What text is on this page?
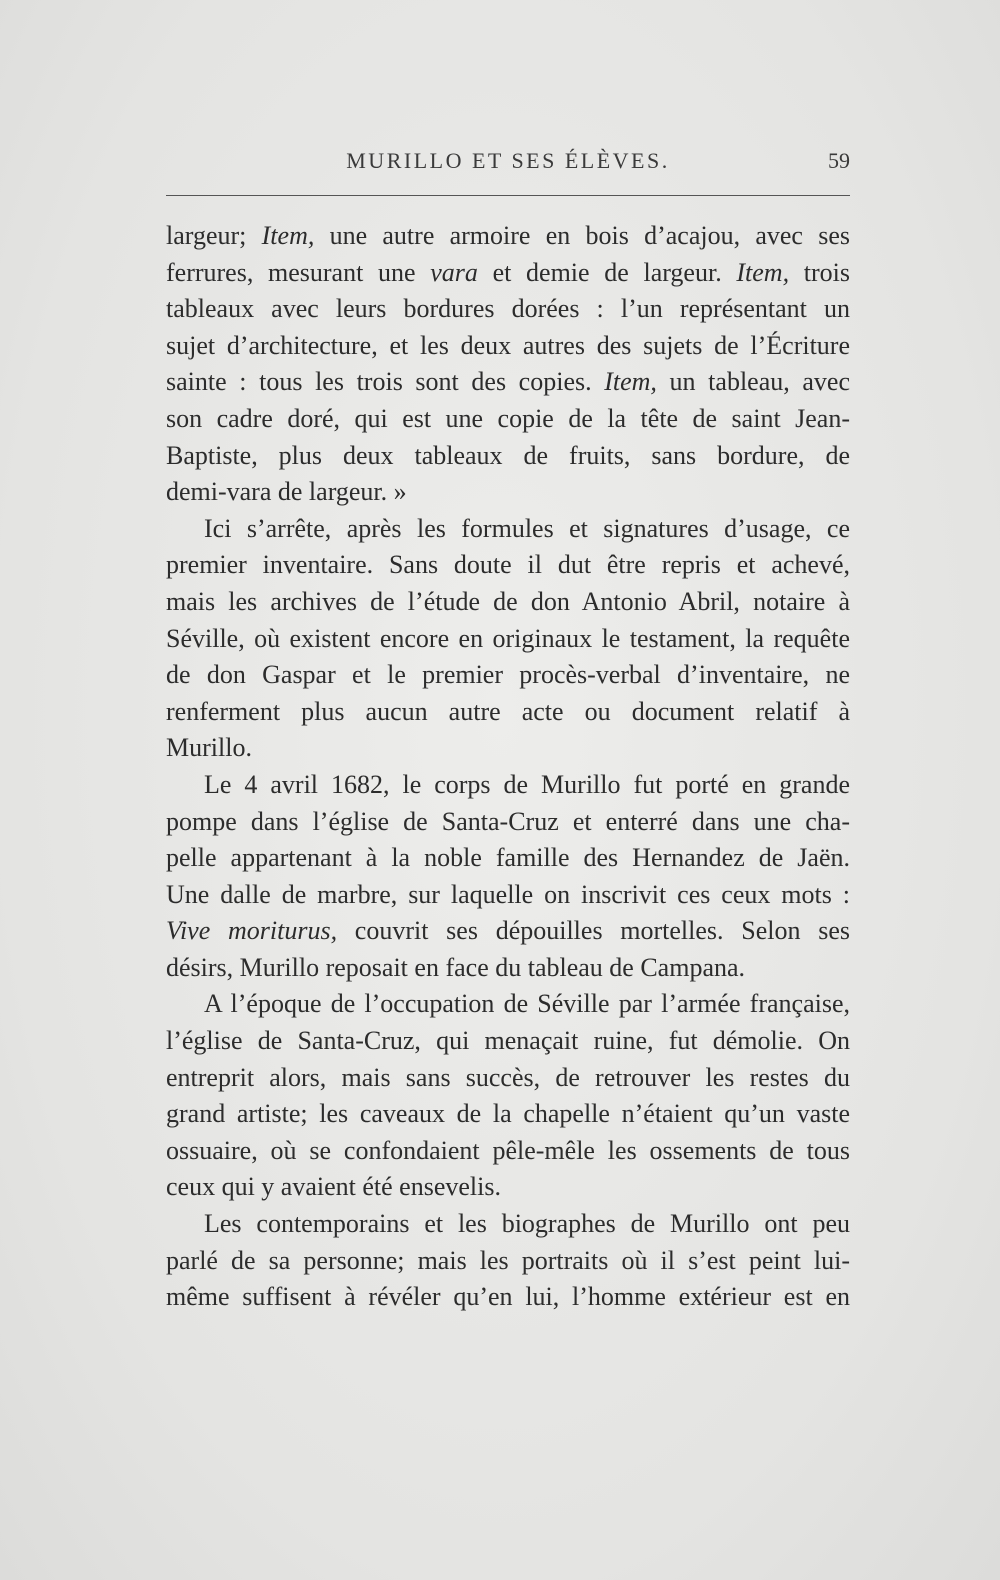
MURILLO ET SES ÉLÈVES.	59
largeur; Item, une autre armoire en bois d’acajou, avec ses
ferrures, mesurant une vara et demie de largeur. Item, trois
tableaux avec leurs bordures dorées : l’un représentant un
sujet d’architecture, et les deux autres des sujets de l’Écriture
sainte : tous les trois sont des copies. Item, un tableau, avec
son cadre doré, qui est une copie de la tête de saint Jean-
Baptiste, plus deux tableaux de fruits, sans bordure, de
demi-vara de largeur. »
Ici s’arrête, après les formules et signatures d’usage, ce
premier inventaire. Sans doute il dut être repris et achevé,
mais les archives de l’étude de don Antonio Abril, notaire à
Séville, où existent encore en originaux le testament, la requête
de don Gaspar et le premier procès-verbal d’inventaire, ne
renferment plus aucun autre acte ou document relatif à
Murillo.
Le 4 avril 1682, le corps de Murillo fut porté en grande
pompe dans l’église de Santa-Cruz et enterré dans une cha-
pelle appartenant à la noble famille des Hernandez de Jaën.
Une dalle de marbre, sur laquelle on inscrivit ces ceux mots :
Vive moriturus, couvrit ses dépouilles mortelles. Selon ses
désirs, Murillo reposait en face du tableau de Campana.
A l’époque de l’occupation de Séville par l’armée française,
l’église de Santa-Cruz, qui menaçait ruine, fut démolie. On
entreprit alors, mais sans succès, de retrouver les restes du
grand artiste; les caveaux de la chapelle n’étaient qu’un vaste
ossuaire, où se confondaient pêle-mêle les ossements de tous
ceux qui y avaient été ensevelis.
Les contemporains et les biographes de Murillo ont peu
parlé de sa personne; mais les portraits où il s’est peint lui-
même suffisent à révéler qu’en lui, l’homme extérieur est en
